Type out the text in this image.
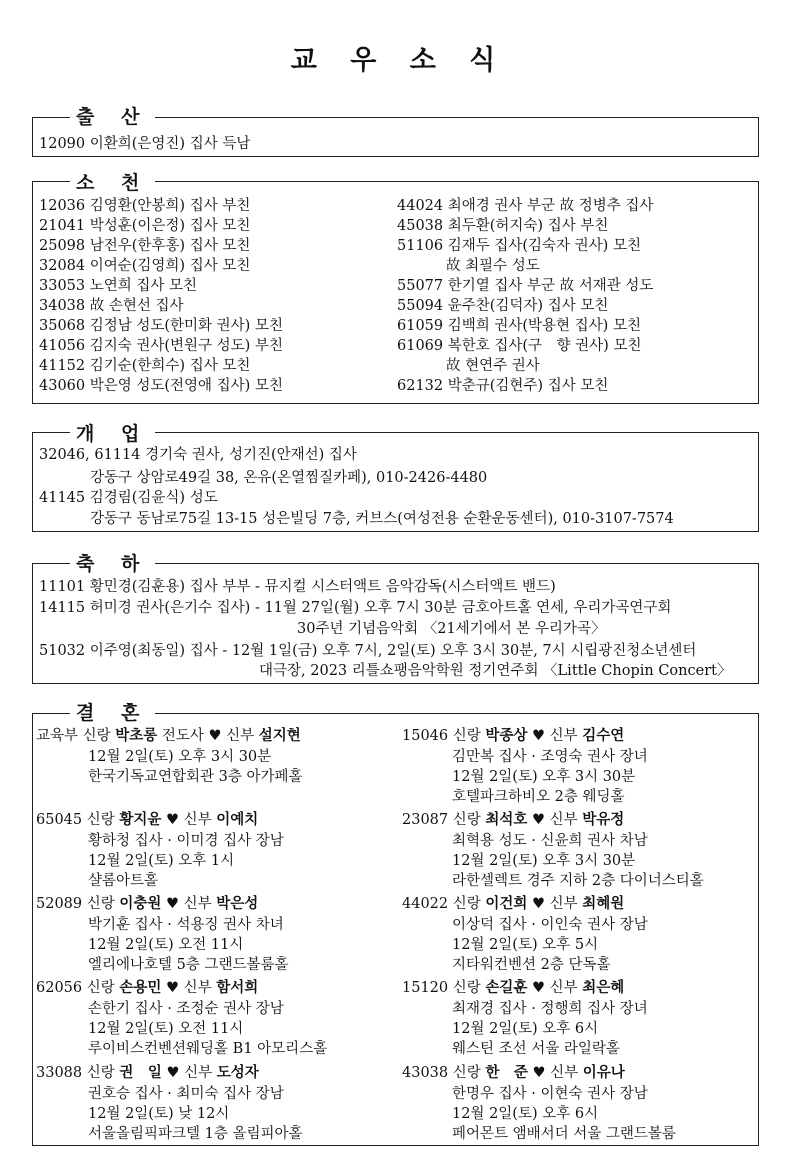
교 우 소 식
12090 이환희(은영진) 집사 득남
출 산
12036 김영환(안봉희) 집사 부친
21041 박성훈(이은정) 집사 모친
25098 남전우(한후홍) 집사 모친
32084 이여순(김영희) 집사 모친
33053 노연희 집사 모친
34038 故 손현선 집사
35068 김정남 성도(한미화 권사) 모친
41056 김지숙 권사(변원구 성도) 부친
41152 김기순(한희수) 집사 모친
43060 박은영 성도(전영애 집사) 모친
44024 최애경 권사 부군 故 정병추 집사
45038 최두환(허지숙) 집사 부친
51106 김재두 집사(김숙자 권사) 모친
故 최필수 성도
55077 한기열 집사 부군 故 서재관 성도
55094 윤주찬(김덕자) 집사 모친
61059 김백희 권사(박용현 집사) 모친
61069 복한호 집사(구　향 권사) 모친
故 현연주 권사
62132 박춘규(김현주) 집사 모친
소 천
32046, 61114 경기숙 권사, 성기진(안재선) 집사
강동구 상암로49길 38, 온유(온열찜질카페), 010-2426-4480
41145 김경림(김윤식) 성도
강동구 동남로75길 13-15 성은빌딩 7층, 커브스(여성전용 순환운동센터), 010-3107-7574
개 업
11101 황민경(김훈용) 집사 부부 - 뮤지컬 시스터액트 음악감독(시스터액트 밴드)
14115 허미경 권사(은기수 집사) - 11월 27일(월) 오후 7시 30분 금호아트홀 연세, 우리가곡연구회
30주년 기념음악회 〈21세기에서 본 우리가곡〉
51032 이주영(최동일) 집사 - 12월 1일(금) 오후 7시, 2일(토) 오후 3시 30분, 7시 시립광진청소년센터
대극장, 2023 리틀쇼팽음악학원 정기연주회 〈Little Chopin Concert〉
축 하
교육부 신랑 박초롱 전도사 ♥ 신부 설지현
12월 2일(토) 오후 3시 30분
한국기독교연합회관 3층 아가페홀
65045 신랑 황지윤 ♥ 신부 이예치
황하청 집사 · 이미경 집사 장남
12월 2일(토) 오후 1시
샬롬아트홀
52089 신랑 이충원 ♥ 신부 박은성
박기훈 집사 · 석용징 권사 차녀
12월 2일(토) 오전 11시
엘리에나호텔 5층 그랜드볼룸홀
62056 신랑 손용민 ♥ 신부 함서희
손한기 집사 · 조정순 권사 장남
12월 2일(토) 오전 11시
루이비스컨벤션웨딩홀 B1 아모리스홀
33088 신랑 권　일 ♥ 신부 도성자
권호승 집사 · 최미숙 집사 장남
12월 2일(토) 낮 12시
서울올림픽파크텔 1층 올림피아홀
15046 신랑 박종상 ♥ 신부 김수연
김만복 집사 · 조영숙 권사 장녀
12월 2일(토) 오후 3시 30분
호텔파크하비오 2층 웨딩홀
23087 신랑 최석호 ♥ 신부 박유정
최혁용 성도 · 신윤희 권사 차남
12월 2일(토) 오후 3시 30분
라한셀렉트 경주 지하 2층 다이너스티홀
44022 신랑 이건희 ♥ 신부 최혜원
이상덕 집사 · 이인숙 권사 장남
12월 2일(토) 오후 5시
지타워컨벤션 2층 단독홀
15120 신랑 손길훈 ♥ 신부 최은혜
최재경 집사 · 정행희 집사 장녀
12월 2일(토) 오후 6시
웨스틴 조선 서울 라일락홀
43038 신랑 한　준 ♥ 신부 이유나
한명우 집사 · 이현숙 권사 장남
12월 2일(토) 오후 6시
페어몬트 앰배서더 서울 그랜드볼룸
결 혼
